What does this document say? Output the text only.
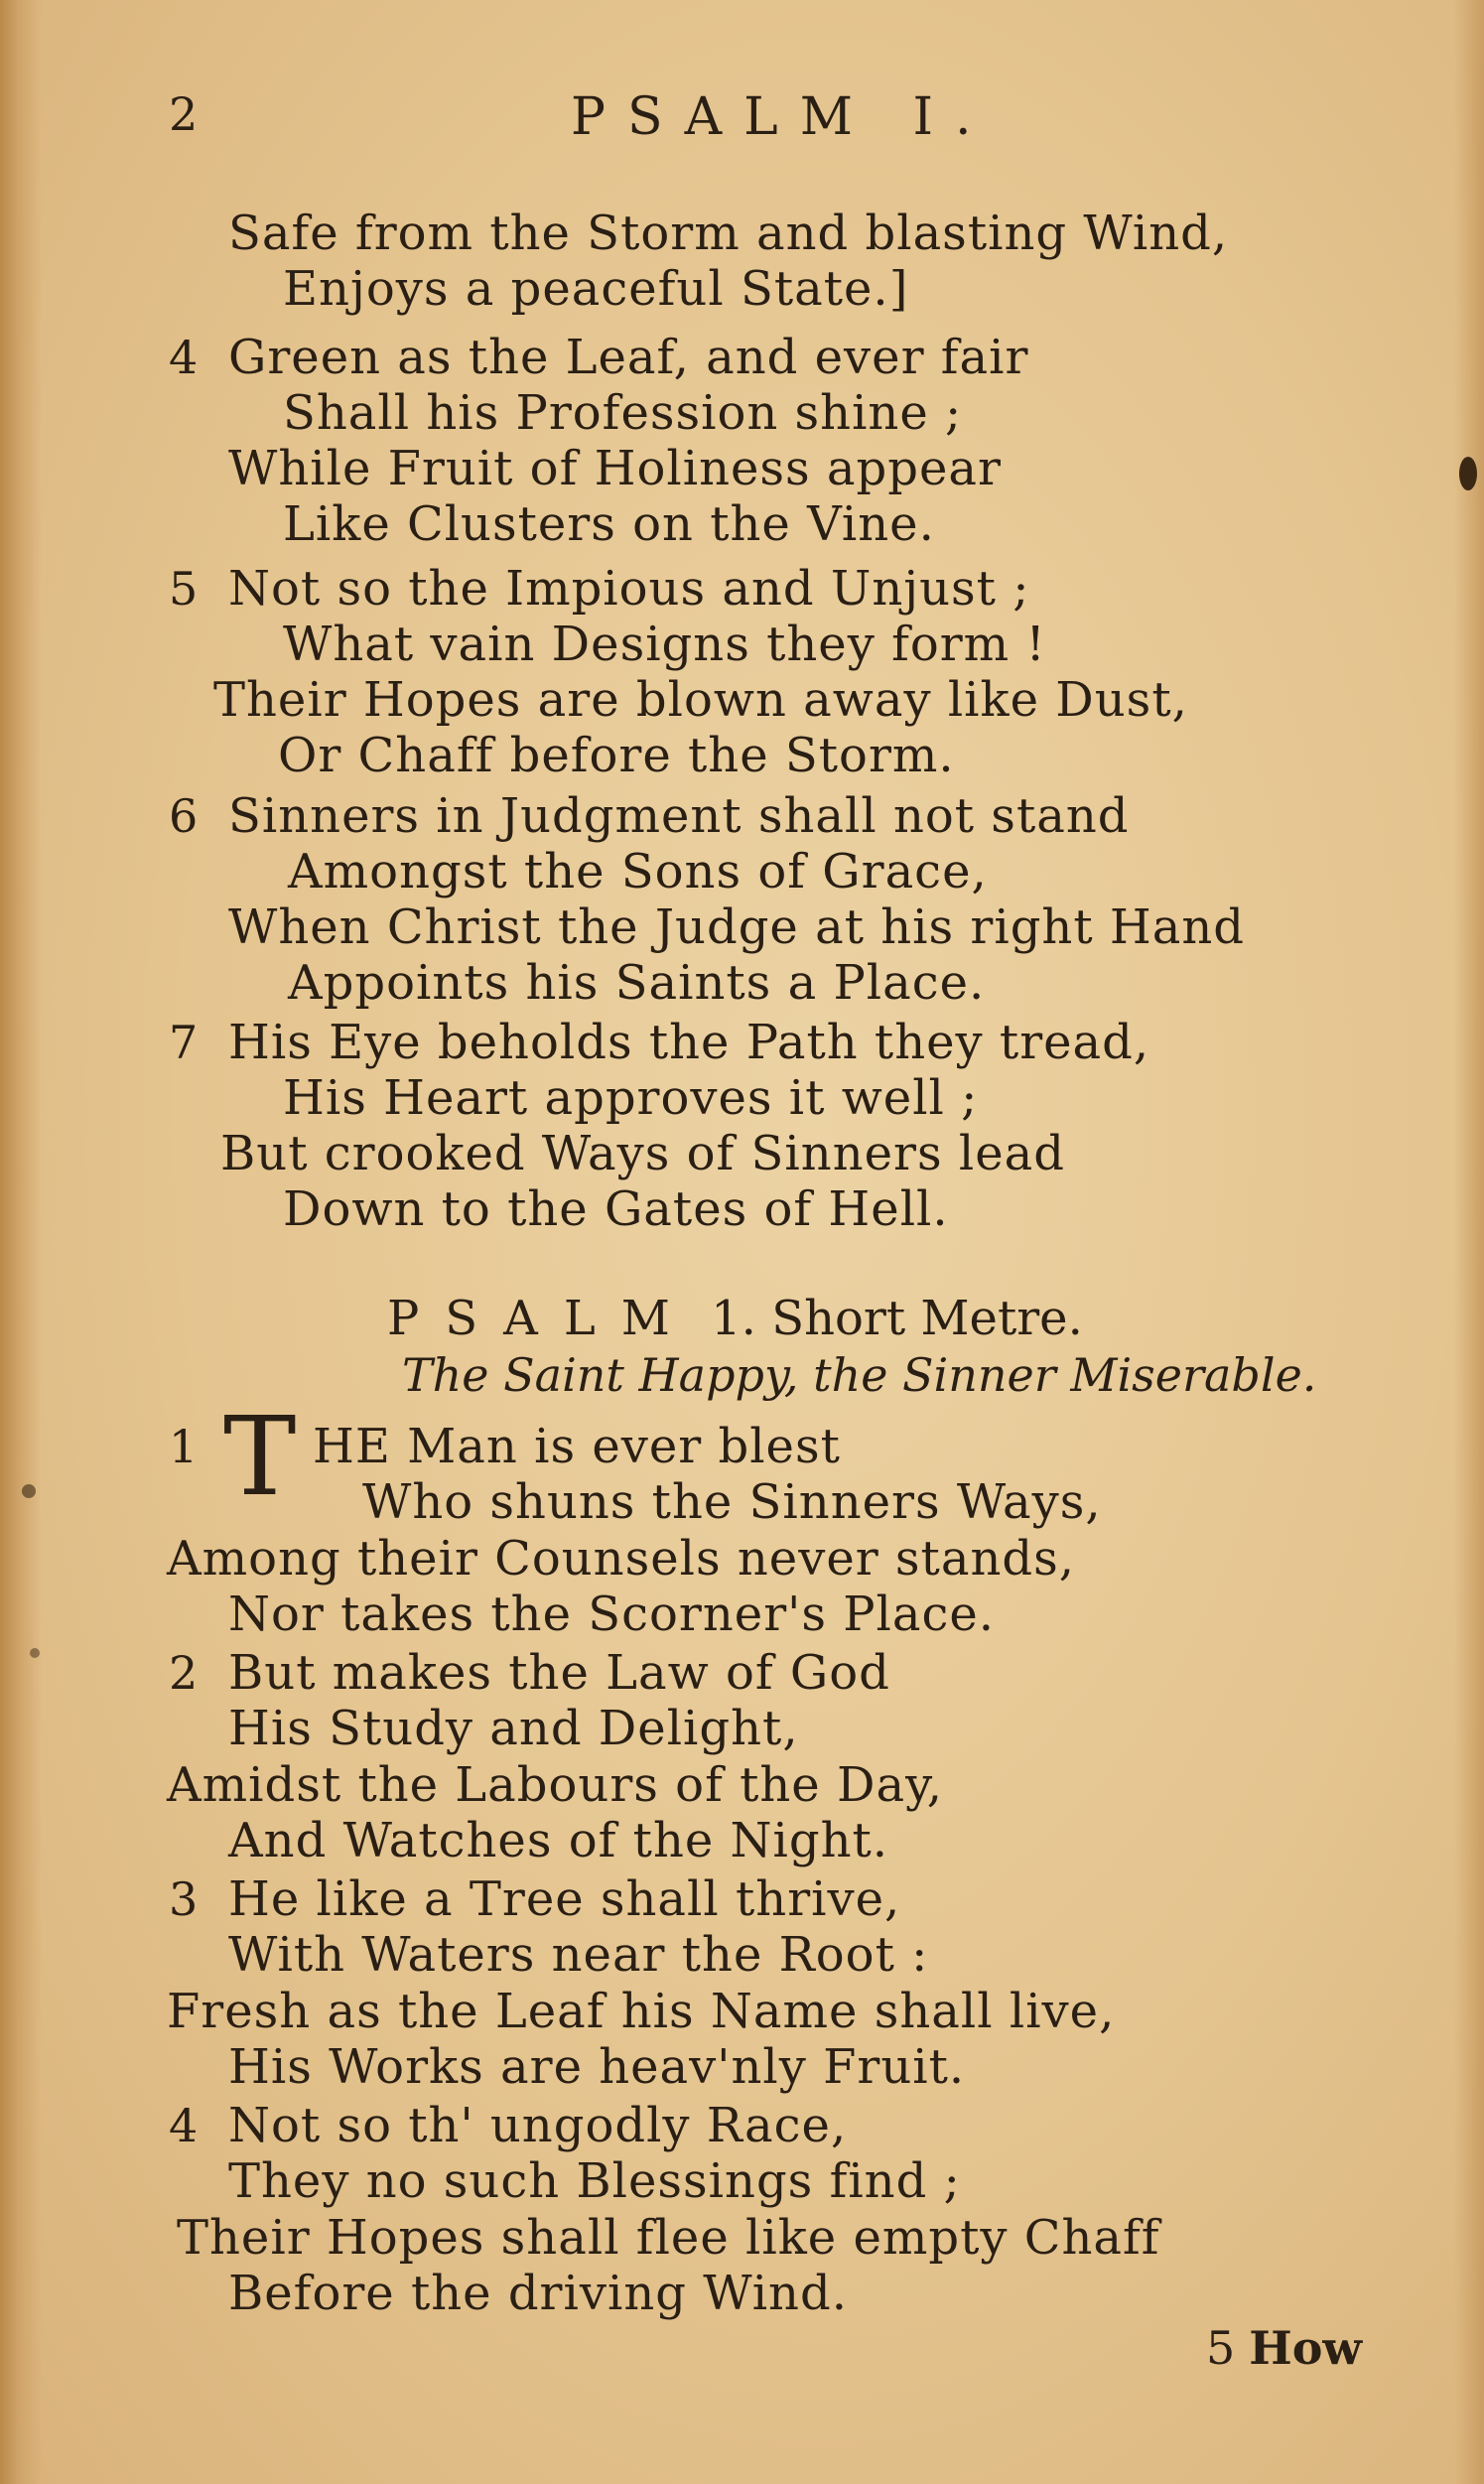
2	PSALM I.
Safe from the Storm and blasting Wind,
Enjoys a peaceful State.]
4 Green as the Leaf, and ever fair
Shall his Profession shine ;
While Fruit of Holiness appear
Like Clusters on the Vine.
5 Not so the Impious and Unjust ;
What vain Designs they form !
Their Hopes are blown away like Dust,
Or Chaff before the Storm.
6 Sinners in Judgment shall not stand
Amongst the Sons of Grace,
When Christ the Judge at his right Hand
Appoints his Saints a Place.
7 His Eye beholds the Path they tread,
His Heart approves it well ;
But crooked Ways of Sinners lead
Down to the Gates of Hell.
PSALM 1. Short Metre.
The Saint Happy, the Sinner Miserable.
1 T HE Man is ever blest
Who shuns the Sinners Ways,
Among their Counsels never stands,
Nor takes the Scorner's Place.
2 But makes the Law of God
His Study and Delight,
Amidst the Labours of the Day,
And Watches of the Night.
3 He like a Tree shall thrive,
With Waters near the Root :
Fresh as the Leaf his Name shall live,
His Works are heav'nly Fruit.
4 Not so th' ungodly Race,
They no such Blessings find ;
Their Hopes shall flee like empty Chaff
Before the driving Wind.
5 How
